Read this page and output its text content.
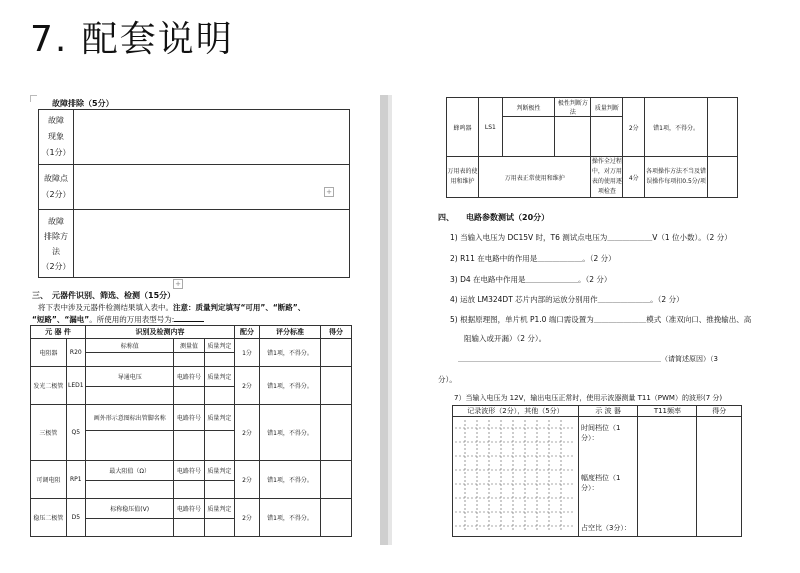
7. 配套说明
故障排除（5分）
故障
现象
（1分）	

故障点
（2分）	

故障
排除方
法
（2分）	

+
+
三、 元器件识别、筛选、检测（15分）
将下表中涉及元器件检测结果填入表中。注意：质量判定填写“可用”、“断路”、
“短路”、“漏电”。所使用的万用表型号为:
元 器 件		识别及检测内容			配分	评分标准	得分
电阻器	R20	标称值	测量值	质量判定	1分	错1项，不得分。	

发光二极管	LED1	导通电压	电路符号	质量判定	2分	错1项，不得分。	

三极管	Q5	画外形示意图标出管脚名称	电路符号	质量判定	2分	错1项，不得分。	

可调电阻	RP1	最大阻值（Ω）	电路符号	质量判定	2分	错1项，不得分。	

稳压二极管	D5	标称稳压值(V)	电路符号	质量判定	2分	错1项，不得分。	

蜂鸣器	LS1	判断极性	极性判断方法	质量判断	2分	错1项，不得分。	

万用表的使用和维护	万用表正常使用和维护			操作全过程中，对万用表的使用逐项检查	4分	各项操作方法不当及错误操作每项扣0.5分/项	
四、 电路参数测试（20分）
1) 当输入电压为 DC15V 时，T6 测试点电压为＿＿＿＿＿＿V（1 位小数）。（2 分）
2) R11 在电路中的作用是＿＿＿＿＿＿。（2 分）
3) D4 在电路中作用是＿＿＿＿＿＿＿。（2 分）
4) 运放 LM324DT 芯片内部的运放分别用作＿＿＿＿＿＿＿。（2 分）
5) 根据原理图，单片机 P1.0 端口需设置为＿＿＿＿＿＿＿模式（准双向口、推挽输出、高
阻输入或开漏）（2 分）。
＿＿＿＿＿＿＿＿＿＿＿＿＿＿＿＿＿＿＿＿＿＿＿＿＿＿＿＿＿（请简述原因）（3
分）。
7）当输入电压为 12V，输出电压正常时，使用示波器测量 T11（PWM）的波形(7 分)
记录波形（2分），其他（5分）	示 波 器	T11频率	得分

时间档位（1分）：
幅度档位（1分）：
占空比（3分）：		
